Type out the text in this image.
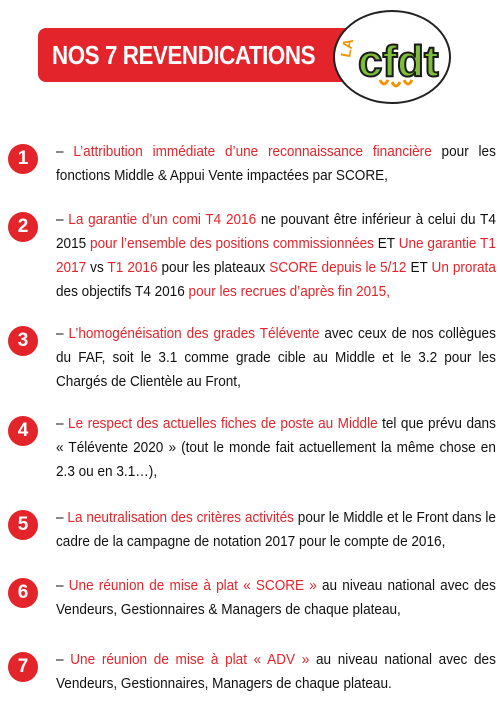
NOS 7 REVENDICATIONS LA cfdt
1	– L’attribution immédiate d’une reconnaissance financière pour les fonctions Middle & Appui Vente impactées par SCORE,
2	– La garantie d’un comi T4 2016 ne pouvant être inférieur à celui du T4 2015 pour l’ensemble des positions commissionnées ET Une garantie T1 2017 vs T1 2016 pour les plateaux SCORE depuis le 5/12 ET Un prorata des objectifs T4 2016 pour les recrues d’après fin 2015,
3	– L’homogénéisation des grades Télévente avec ceux de nos collègues du FAF, soit le 3.1 comme grade cible au Middle et le 3.2 pour les Chargés de Clientèle au Front,
4	– Le respect des actuelles fiches de poste au Middle tel que prévu dans « Télévente 2020 » (tout le monde fait actuellement la même chose en 2.3 ou en 3.1…),
5	– La neutralisation des critères activités pour le Middle et le Front dans le cadre de la campagne de notation 2017 pour le compte de 2016,
6	– Une réunion de mise à plat « SCORE » au niveau national avec des Vendeurs, Gestionnaires & Managers de chaque plateau,
7	– Une réunion de mise à plat « ADV » au niveau national avec des Vendeurs, Gestionnaires, Managers de chaque plateau.
